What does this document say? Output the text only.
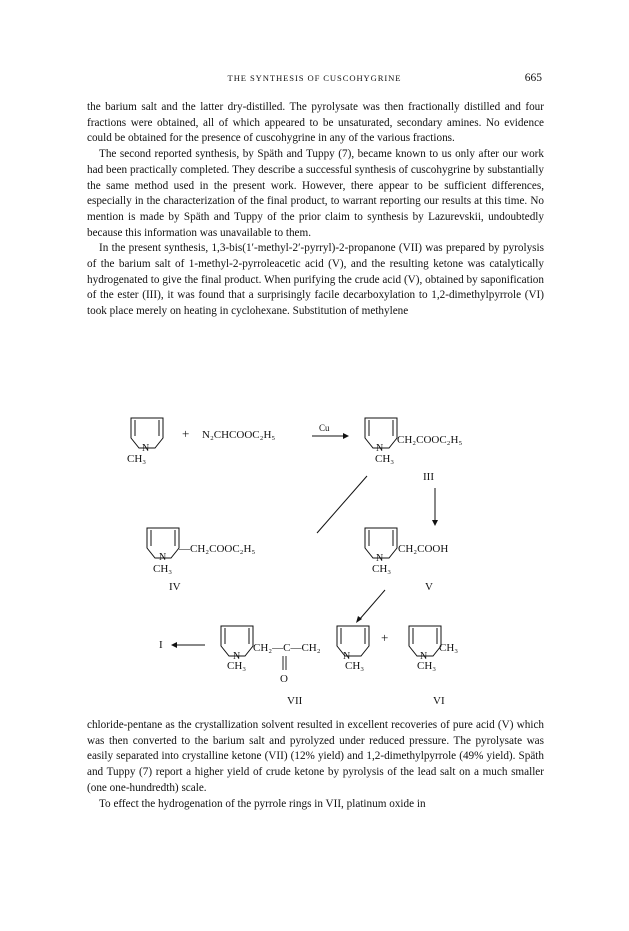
THE SYNTHESIS OF CUSCOHYGRINE	665

the barium salt and the latter dry-distilled. The pyrolysate was then fractionally distilled and four fractions were obtained, all of which appeared to be unsaturated, secondary amines. No evidence could be obtained for the presence of cuscohygrine in any of the various fractions.

The second reported synthesis, by Späth and Tuppy (7), became known to us only after our work had been practically completed. They describe a successful synthesis of cuscohygrine by substantially the same method used in the present work. However, there appear to be sufficient differences, especially in the characterization of the final product, to warrant reporting our results at this time. No mention is made by Späth and Tuppy of the prior claim to synthesis by Lazurevskii, undoubtedly because this information was unavailable to them.

In the present synthesis, 1,3-bis(1′-methyl-2′-pyrryl)-2-propanone (VII) was prepared by pyrolysis of the barium salt of 1-methyl-2-pyrroleacetic acid (V), and the resulting ketone was catalytically hydrogenated to give the final product. When purifying the crude acid (V), obtained by saponification of the ester (III), it was found that a surprisingly facile decarboxylation to 1,2-dimethylpyrrole (VI) took place merely on heating in cyclohexane. Substitution of methylene

N
CH₃
+ N₂CHCOOC₂H₅
Cu
N
CH₂COOC₂H₅
CH₃
III
N
—CH₂COOC₂H₅
CH₃
IV
N
CH₂COOH
CH₃
V
I
N
CH₂—C—CH₂
O
N
CH₃	CH₃
VII
+
N
CH₃
CH₃
VI

chloride-pentane as the crystallization solvent resulted in excellent recoveries of pure acid (V) which was then converted to the barium salt and pyrolyzed under reduced pressure. The pyrolysate was easily separated into crystalline ketone (VII) (12% yield) and 1,2-dimethylpyrrole (49% yield). Späth and Tuppy (7) report a higher yield of crude ketone by pyrolysis of the lead salt on a much smaller (one one-hundredth) scale.

To effect the hydrogenation of the pyrrole rings in VII, platinum oxide in
